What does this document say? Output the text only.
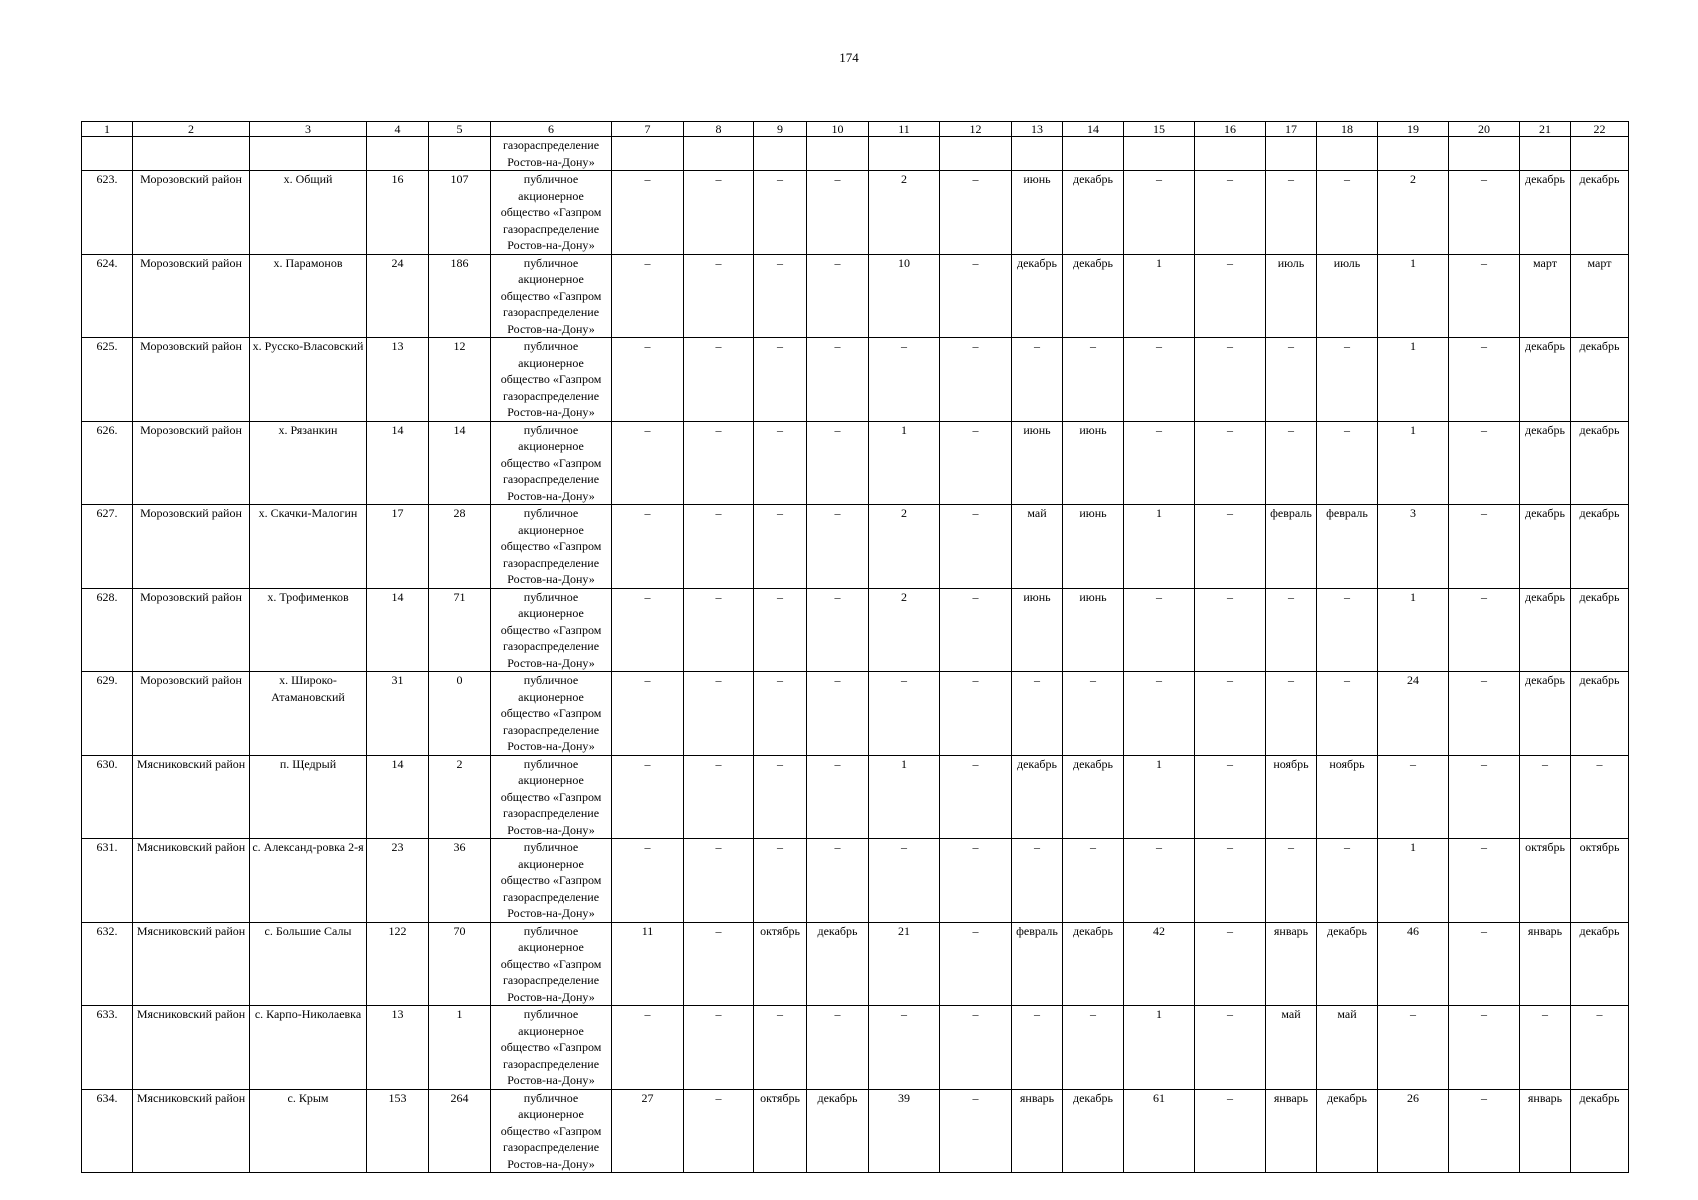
174
1	2	3	4	5	6	7	8	9	10	11	12	13	14	15	16	17	18	19	20	21	22

					газораспределение
Ростов-на-Дону»																

623.	Морозовский район	х. Общий	16	107	публичное
акционерное
общество «Газпром
газораспределение
Ростов-на-Дону»	–	–	–	–	2	–	июнь	декабрь	–	–	–	–	2	–	декабрь	декабрь
624.	Морозовский район	х. Парамонов	24	186	публичное
акционерное
общество «Газпром
газораспределение
Ростов-на-Дону»	–	–	–	–	10	–	декабрь	декабрь	1	–	июль	июль	1	–	март	март
625.	Морозовский район	х. Русско-Власовский	13	12	публичное
акционерное
общество «Газпром
газораспределение
Ростов-на-Дону»	–	–	–	–	–	–	–	–	–	–	–	–	1	–	декабрь	декабрь
626.	Морозовский район	х. Рязанкин	14	14	публичное
акционерное
общество «Газпром
газораспределение
Ростов-на-Дону»	–	–	–	–	1	–	июнь	июнь	–	–	–	–	1	–	декабрь	декабрь
627.	Морозовский район	х. Скачки-Малогин	17	28	публичное
акционерное
общество «Газпром
газораспределение
Ростов-на-Дону»	–	–	–	–	2	–	май	июнь	1	–	февраль	февраль	3	–	декабрь	декабрь
628.	Морозовский район	х. Трофименков	14	71	публичное
акционерное
общество «Газпром
газораспределение
Ростов-на-Дону»	–	–	–	–	2	–	июнь	июнь	–	–	–	–	1	–	декабрь	декабрь
629.	Морозовский район	х. Широко-Атамановский	31	0	публичное
акционерное
общество «Газпром
газораспределение
Ростов-на-Дону»	–	–	–	–	–	–	–	–	–	–	–	–	24	–	декабрь	декабрь
630.	Мясниковский район	п. Щедрый	14	2	публичное
акционерное
общество «Газпром
газораспределение
Ростов-на-Дону»	–	–	–	–	1	–	декабрь	декабрь	1	–	ноябрь	ноябрь	–	–	–	–
631.	Мясниковский район	с. Александ-ровка 2-я	23	36	публичное
акционерное
общество «Газпром
газораспределение
Ростов-на-Дону»	–	–	–	–	–	–	–	–	–	–	–	–	1	–	октябрь	октябрь
632.	Мясниковский район	с. Большие Салы	122	70	публичное
акционерное
общество «Газпром
газораспределение
Ростов-на-Дону»	11	–	октябрь	декабрь	21	–	февраль	декабрь	42	–	январь	декабрь	46	–	январь	декабрь
633.	Мясниковский район	с. Карпо-Николаевка	13	1	публичное
акционерное
общество «Газпром
газораспределение
Ростов-на-Дону»	–	–	–	–	–	–	–	–	1	–	май	май	–	–	–	–
634.	Мясниковский район	с. Крым	153	264	публичное
акционерное
общество «Газпром
газораспределение
Ростов-на-Дону»	27	–	октябрь	декабрь	39	–	январь	декабрь	61	–	январь	декабрь	26	–	январь	декабрь
